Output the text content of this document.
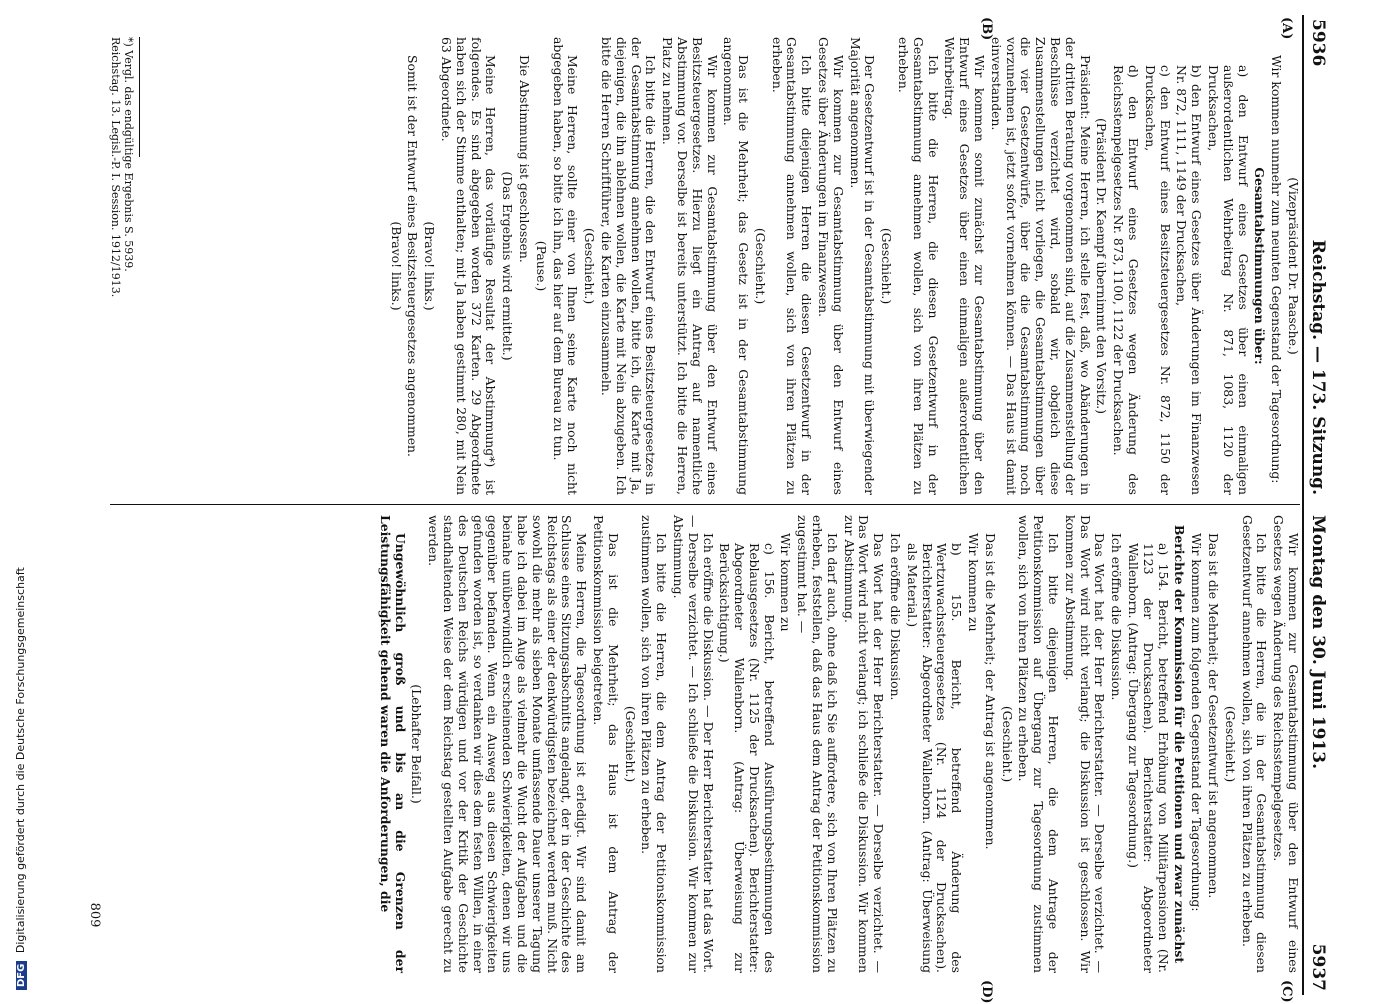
5936
Reichstag. — 173. Sitzung.
Montag den 30. Juni 1913.
5937
(A)
(B)
(C)
(D)

(Vizepräsident Dr. Paasche.)

Wir kommen nunmehr zum neunten Gegenstand der Tagesordnung:

Gesamtabstimmungen über:

a) den Entwurf eines Gesetzes über einen einmaligen außerordentlichen Wehrbeitrag Nr. 871, 1083, 1120 der Drucksachen,

b) den Entwurf eines Gesetzes über Änderungen im Finanzwesen Nr. 872, 1111, 1149 der Drucksachen,

c) den Entwurf eines Besitzsteuergesetzes Nr. 872, 1150 der Drucksachen,

d) den Entwurf eines Gesetzes wegen Änderung des Reichsstempelgesetzes Nr. 873, 1100, 1122 der Drucksachen.

(Präsident Dr. Kaempf übernimmt den Vorsitz.)

Präsident: Meine Herren, ich stelle fest, daß, wo Abänderungen in der dritten Beratung vorgenommen sind, auf die Zusammenstellung der Beschlüsse verzichtet wird, sobald wir, obgleich diese Zusammenstellungen nicht vorliegen, die Gesamtabstimmungen über die vier Gesetzentwürfe, über die die Gesamtabstimmung noch vorzunehmen ist, jetzt sofort vornehmen können. — Das Haus ist damit einverstanden.

Wir kommen somit zunächst zur Gesamtabstimmung über den Entwurf eines Gesetzes über einen einmaligen außerordentlichen Wehrbeitrag.

Ich bitte die Herren, die diesen Gesetzentwurf in der Gesamtabstimmung annehmen wollen, sich von ihren Plätzen zu erheben.

(Geschieht.)

Der Gesetzentwurf ist in der Gesamtabstimmung mit überwiegender Majorität angenommen.

Wir kommen zur Gesamtabstimmung über den Entwurf eines Gesetzes über Änderungen im Finanzwesen.

Ich bitte diejenigen Herren die diesen Gesetzentwurf in der Gesamtabstimmung annehmen wollen, sich von ihren Plätzen zu erheben.

(Geschieht.)

Das ist die Mehrheit; das Gesetz ist in der Gesamtabstimmung angenommen.

Wir kommen zur Gesamtabstimmung über den Entwurf eines Besitzsteuergesetzes. Hierzu liegt ein Antrag auf namentliche Abstimmung vor. Derselbe ist bereits unterstützt. Ich bitte die Herren, Platz zu nehmen.

Ich bitte die Herren, die den Entwurf eines Besitzsteuergesetzes in der Gesamtabstimmung annehmen wollen, bitte ich, die Karte mit Ja, diejenigen, die ihn ablehnen wollen, die Karte mit Nein abzugeben. Ich bitte die Herren Schriftführer, die Karten einzusammeln.

(Geschieht.)

Meine Herren, sollte einer von Ihnen seine Karte noch nicht abgegeben haben, so bitte ich ihn, das hier auf dem Bureau zu tun.

(Pause.)

Die Abstimmung ist geschlossen.

(Das Ergebnis wird ermittelt.)

Meine Herren, das vorläufige Resultat der Abstimmung*) ist folgendes. Es sind abgegeben worden 372 Karten. 29 Abgeordnete haben sich der Stimme enthalten; mit Ja haben gestimmt 280, mit Nein 63 Abgeordnete.

(Bravo! links.)

Somit ist der Entwurf eines Besitzsteuergesetzes angenommen.

(Bravo! links.)

Wir kommen zur Gesamtabstimmung über den Entwurf eines Gesetzes wegen Änderung des Reichsstempelgesetzes.

Ich bitte die Herren, die in der Gesamtabstimmung diesen Gesetzentwurf annehmen wollen, sich von ihren Plätzen zu erheben.

(Geschieht.)

Das ist die Mehrheit; der Gesetzentwurf ist angenommen.

Wir kommen zum folgenden Gegenstand der Tagesordnung:

Berichte der Kommission für die Petitionen und zwar zunächst

a) 154. Bericht, betreffend Erhöhung von Militärpensionen (Nr. 1123 der Drucksachen). Berichterstatter: Abgeordneter Wallenborn. (Antrag: Übergang zur Tagesordnung.)

Ich eröffne die Diskussion.

Das Wort hat der Herr Berichterstatter. — Derselbe verzichtet. — Das Wort wird nicht verlangt; die Diskussion ist geschlossen. Wir kommen zur Abstimmung.

Ich bitte diejenigen Herren, die dem Antrage der Petitionskommission auf Übergang zur Tagesordnung zustimmen wollen, sich von ihren Plätzen zu erheben.

(Geschieht.)

Das ist die Mehrheit; der Antrag ist angenommen.

Wir kommen zu

b) 155. Bericht, betreffend Änderung des Wertzuwachssteuergesetzes (Nr. 1124 der Drucksachen). Berichterstatter: Abgeordneter Wallenborn. (Antrag: Überweisung als Material.)

Ich eröffne die Diskussion.

Das Wort hat der Herr Berichterstatter. — Derselbe verzichtet. — Das Wort wird nicht verlangt; ich schließe die Diskussion. Wir kommen zur Abstimmung.

Ich darf auch, ohne daß ich Sie auffordere, sich von Ihren Plätzen zu erheben, feststellen, daß das Haus dem Antrag der Petitionskommission zugestimmt hat. —

Wir kommen zu

c) 156. Bericht, betreffend Ausführungsbestimmungen des Reblausgesetzes (Nr. 1125 der Drucksachen). Berichterstatter: Abgeordneter Wallenborn. (Antrag: Überweisung zur Berücksichtigung.)

Ich eröffne die Diskussion. — Der Herr Berichterstatter hat das Wort. — Derselbe verzichtet. — Ich schließe die Diskussion. Wir kommen zur Abstimmung.

Ich bitte die Herren, die dem Antrag der Petitionskommission zustimmen wollen, sich von ihren Plätzen zu erheben.

(Geschieht.)

Das ist die Mehrheit; das Haus ist dem Antrag der Petitionskommission beigetreten.

Meine Herren, die Tagesordnung ist erledigt. Wir sind damit am Schlusse eines Sitzungsabschnitts angelangt, der in der Geschichte des Reichstags als einer der denkwürdigsten bezeichnet werden muß. Nicht sowohl die mehr als sieben Monate umfassende Dauer unserer Tagung habe ich dabei im Auge als vielmehr die Wucht der Aufgaben und die beinahe unüberwindlich erscheinenden Schwierigkeiten, denen wir uns gegenüber befanden. Wenn ein Ausweg aus diesen Schwierigkeiten gefunden worden ist, so verdanken wir dies dem festen Willen, in einer des Deutschen Reichs würdigen und vor der Kritik der Geschichte standhaltenden Weise der dem Reichstag gestellten Aufgabe gerecht zu werden.

(Lebhafter Beifall.)

Ungewöhnlich groß und bis an die Grenzen der Leistungsfähigkeit gehend waren die Anforderungen, die

*) Vergl. das endgültige Ergebnis S. 5939.
Reichstag. 13. Legisl.-P. I. Session. 1912/1913.
809
DFG Digitalisierung gefördert durch die Deutsche Forschungsgemeinschaft
